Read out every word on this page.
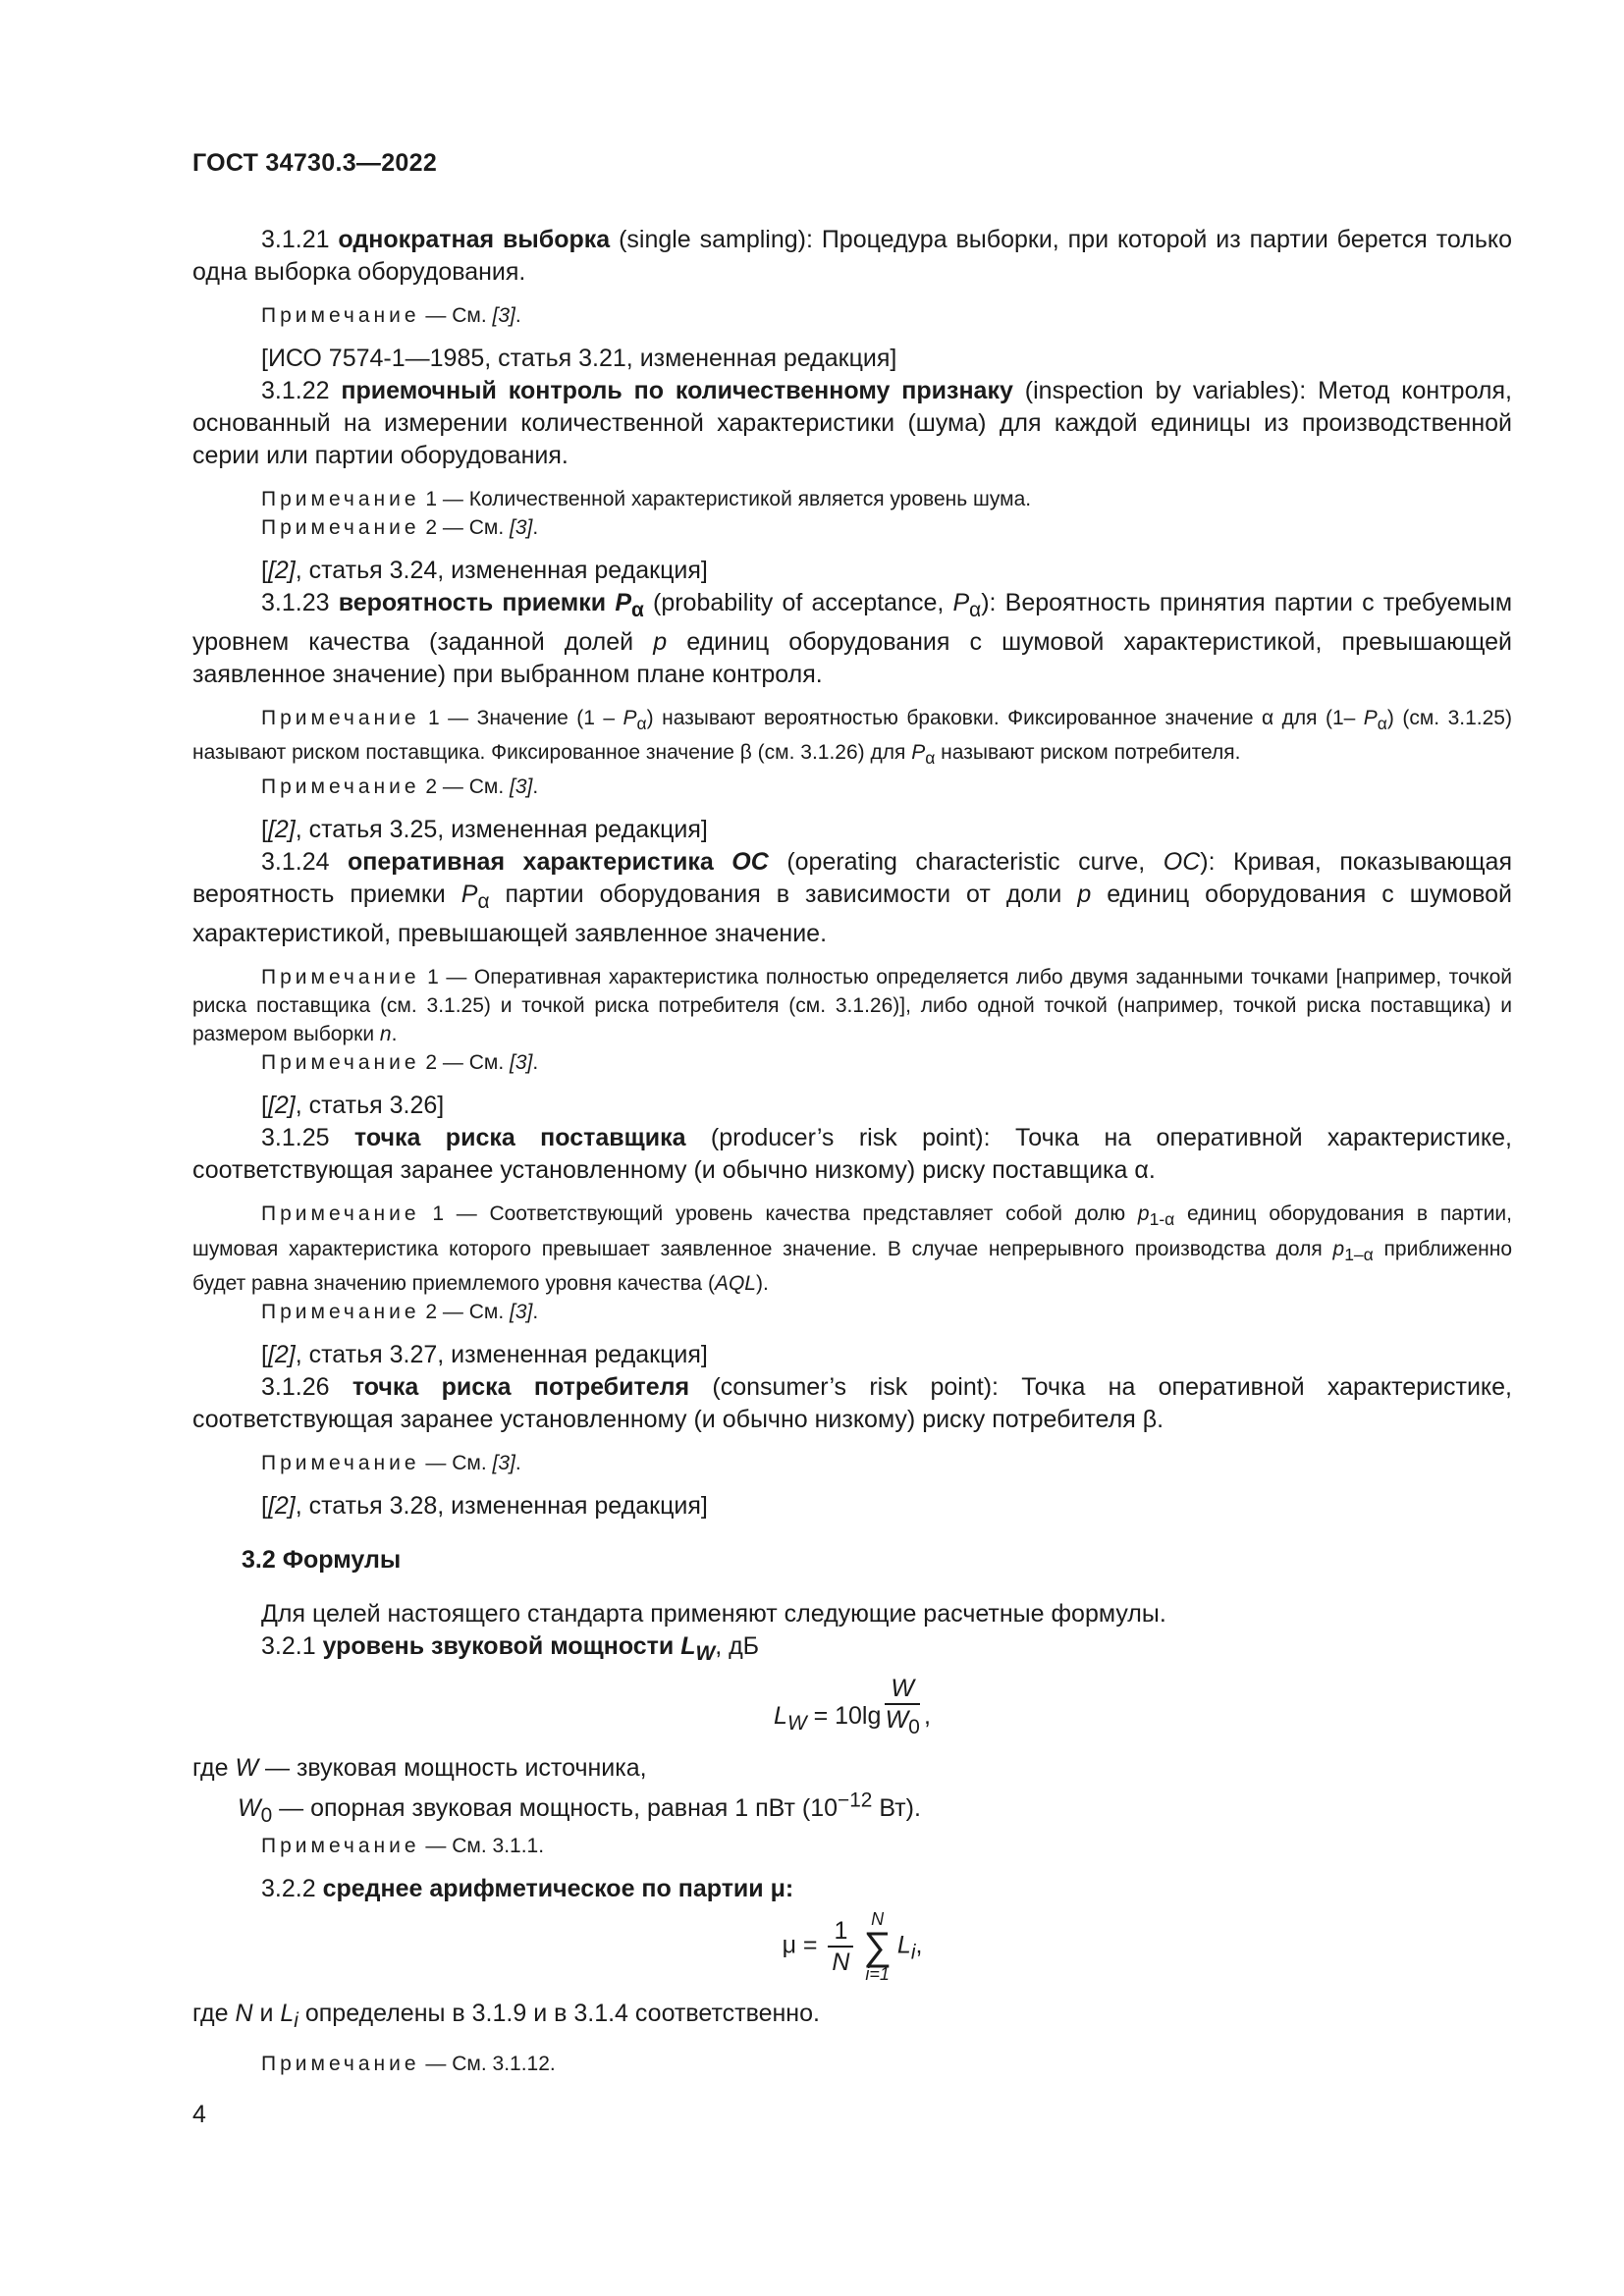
ГОСТ 34730.3—2022

3.1.21 однократная выборка (single sampling): Процедура выборки, при которой из партии берется только одна выборка оборудования.

Примечание — См. [3].

[ИСО 7574-1—1985, статья 3.21, измененная редакция]

3.1.22 приемочный контроль по количественному признаку (inspection by variables): Метод контроля, основанный на измерении количественной характеристики (шума) для каждой единицы из производственной серии или партии оборудования.

Примечание 1 — Количественной характеристикой является уровень шума.

Примечание 2 — См. [3].

[[2], статья 3.24, измененная редакция]

3.1.23 вероятность приемки $P_\alpha$ (probability of acceptance, $P_\alpha$): Вероятность принятия партии с требуемым уровнем качества (заданной долей p единиц оборудования с шумовой характеристикой, превышающей заявленное значение) при выбранном плане контроля.

Примечание 1 — Значение $(1 - P_\alpha)$ называют вероятностью браковки. Фиксированное значение α для (1– $P_\alpha$) (см. 3.1.25) называют риском поставщика. Фиксированное значение β (см. 3.1.26) для $P_\alpha$ называют риском потребителя.

Примечание 2 — См. [3].

[[2], статья 3.25, измененная редакция]

3.1.24 оперативная характеристика ОС (operating characteristic curve, OC): Кривая, показывающая вероятность приемки $P_\alpha$ партии оборудования в зависимости от доли p единиц оборудования с шумовой характеристикой, превышающей заявленное значение.

Примечание 1 — Оперативная характеристика полностью определяется либо двумя заданными точками [например, точкой риска поставщика (см. 3.1.25) и точкой риска потребителя (см. 3.1.26)], либо одной точкой (например, точкой риска поставщика) и размером выборки n.

Примечание 2 — См. [3].

[[2], статья 3.26]

3.1.25 точка риска поставщика (producer’s risk point): Точка на оперативной характеристике, соответствующая заранее установленному (и обычно низкому) риску поставщика α.

Примечание 1 — Соответствующий уровень качества представляет собой долю $p_{1-\alpha}$ единиц оборудования в партии, шумовая характеристика которого превышает заявленное значение. В случае непрерывного производства доля $p_{1-\alpha}$ приближенно будет равна значению приемлемого уровня качества (AQL).

Примечание 2 — См. [3].

[[2], статья 3.27, измененная редакция]

3.1.26 точка риска потребителя (consumer’s risk point): Точка на оперативной характеристике, соответствующая заранее установленному (и обычно низкому) риску потребителя β.

Примечание — См. [3].

[[2], статья 3.28, измененная редакция]

3.2 Формулы

Для целей настоящего стандарта применяют следующие расчетные формулы.

3.2.1 уровень звуковой мощности $L_W$, дБ

$L_W = 10\lg \frac{W}{W_0}$ ,

где W — звуковая мощность источника,

$W_0$ — опорная звуковая мощность, равная 1 пВт ($10^{-12}$ Вт).

Примечание — См. 3.1.1.

3.2.2 среднее арифметическое по партии μ:

$\mu = \frac{1}{N}$ N
∑
i=1
$L_i$,

где N и $L_i$ определены в 3.1.9 и в 3.1.4 соответственно.

Примечание — См. 3.1.12.

4
